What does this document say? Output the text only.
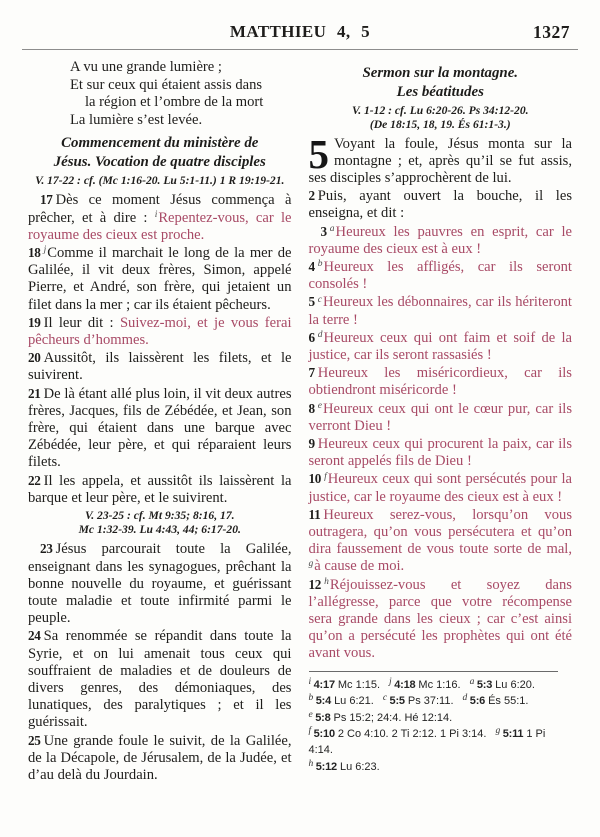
MATTHIEU 4, 5	1327
A vu une grande lumière ;
Et sur ceux qui étaient assis dans
la région et l’ombre de la mort
La lumière s’est levée.
Commencement du ministère de
Jésus. Vocation de quatre disciples
V. 17-22 : cf. (Mc 1:16-20. Lu 5:1-11.) 1 R 19:19-21.

17 Dès ce moment Jésus commença à prêcher, et à dire : $^i$Repentez-vous, car le royaume des cieux est proche.

18 $^j$Comme il marchait le long de la mer de Galilée, il vit deux frères, Simon, appelé Pierre, et André, son frère, qui jetaient un filet dans la mer ; car ils étaient pêcheurs.

19 Il leur dit : Suivez-moi, et je vous ferai pêcheurs d’hommes.

20 Aussitôt, ils laissèrent les filets, et le suivirent.

21 De là étant allé plus loin, il vit deux autres frères, Jacques, fils de Zébédée, et Jean, son frère, qui étaient dans une barque avec Zébédée, leur père, et qui réparaient leurs filets.

22 Il les appela, et aussitôt ils laissèrent la barque et leur père, et le suivirent.

V. 23-25 : cf. Mt 9:35; 8:16, 17.
Mc 1:32-39. Lu 4:43, 44; 6:17-20.

23 Jésus parcourait toute la Galilée, enseignant dans les synagogues, prêchant la bonne nouvelle du royaume, et guérissant toute maladie et toute infirmité parmi le peuple.

24 Sa renommée se répandit dans toute la Syrie, et on lui amenait tous ceux qui souffraient de maladies et de douleurs de divers genres, des démoniaques, des lunatiques, des paralytiques ; et il les guérissait.

25 Une grande foule le suivit, de la Galilée, de la Décapole, de Jérusalem, de la Judée, et d’au delà du Jourdain.

Sermon sur la montagne.
Les béatitudes
V. 1-12 : cf. Lu 6:20-26. Ps 34:12-20.
(De 18:15, 18, 19. És 61:1-3.)

5 Voyant la foule, Jésus monta sur la montagne ; et, après qu’il se fut assis, ses disciples s’approchèrent de lui.

2 Puis, ayant ouvert la bouche, il les enseigna, et dit :

3 $^a$Heureux les pauvres en esprit, car le royaume des cieux est à eux !

4 $^b$Heureux les affligés, car ils seront consolés !

5 $^c$Heureux les débonnaires, car ils hériteront la terre !

6 $^d$Heureux ceux qui ont faim et soif de la justice, car ils seront rassasiés !

7 Heureux les miséricordieux, car ils obtiendront miséricorde !

8 $^e$Heureux ceux qui ont le cœur pur, car ils verront Dieu !

9 Heureux ceux qui procurent la paix, car ils seront appelés fils de Dieu !

10 $^f$Heureux ceux qui sont persécutés pour la justice, car le royaume des cieux est à eux !

11 Heureux serez-vous, lorsqu’on vous outragera, qu’on vous persécutera et qu’on dira faussement de vous toute sorte de mal, $^g$à cause de moi.

12 $^h$Réjouissez-vous et soyez dans l’allégresse, parce que votre récompense sera grande dans les cieux ; car c’est ainsi qu’on a persécuté les prophètes qui ont été avant vous.

$^i$ 4:17 Mc 1:15. $^j$ 4:18 Mc 1:16. $^a$ 5:3 Lu 6:20.
$^b$ 5:4 Lu 6:21. $^c$ 5:5 Ps 37:11. $^d$ 5:6 És 55:1.
$^e$ 5:8 Ps 15:2; 24:4. Hé 12:14.
$^f$ 5:10 2 Co 4:10. 2 Ti 2:12. 1 Pi 3:14. $^g$ 5:11 1 Pi 4:14.
$^h$ 5:12 Lu 6:23.
